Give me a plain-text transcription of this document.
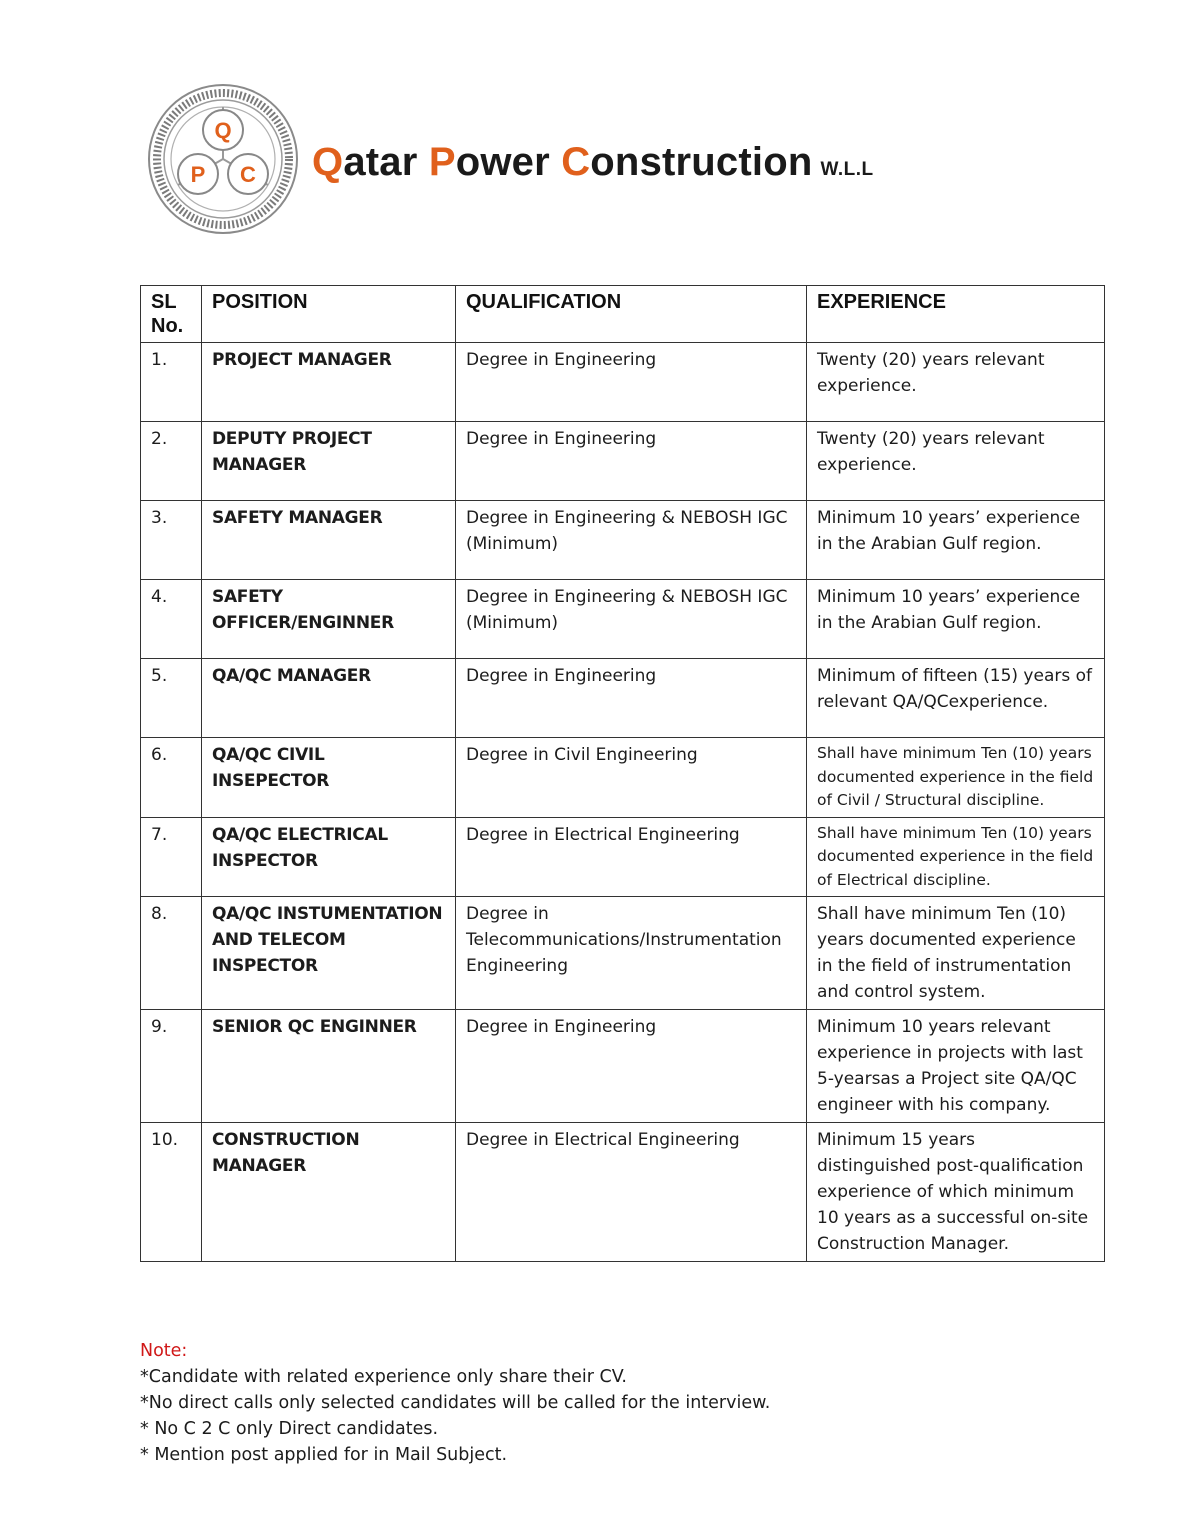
Q
P C Qatar Power Construction W.L.L
SL No.	POSITION	QUALIFICATION	EXPERIENCE
1.	PROJECT MANAGER	Degree in Engineering	Twenty (20) years relevant experience.
2.	DEPUTY PROJECT MANAGER	Degree in Engineering	Twenty (20) years relevant experience.
3.	SAFETY MANAGER	Degree in Engineering & NEBOSH IGC (Minimum)	Minimum 10 years’ experience in the Arabian Gulf region.
4.	SAFETY OFFICER/ENGINNER	Degree in Engineering & NEBOSH IGC (Minimum)	Minimum 10 years’ experience in the Arabian Gulf region.
5.	QA/QC MANAGER	Degree in Engineering	Minimum of fifteen (15) years of relevant QA/QCexperience.
6.	QA/QC CIVIL INSEPECTOR	Degree in Civil Engineering	Shall have minimum Ten (10) years documented experience in the field of Civil / Structural discipline.
7.	QA/QC ELECTRICAL INSPECTOR	Degree in Electrical Engineering	Shall have minimum Ten (10) years documented experience in the field of Electrical discipline.
8.	QA/QC INSTUMENTATION AND TELECOM INSPECTOR	Degree in Telecommunications/Instrumentation Engineering	Shall have minimum Ten (10) years documented experience in the field of instrumentation and control system.
9.	SENIOR QC ENGINNER	Degree in Engineering	Minimum 10 years relevant experience in projects with last 5-yearsas a Project site QA/QC engineer with his company.
10.	CONSTRUCTION MANAGER	Degree in Electrical Engineering	Minimum 15 years distinguished post-qualification experience of which minimum 10 years as a successful on-site Construction Manager.
Note:
*Candidate with related experience only share their CV.
*No direct calls only selected candidates will be called for the interview.
* No C 2 C only Direct candidates.
* Mention post applied for in Mail Subject.
